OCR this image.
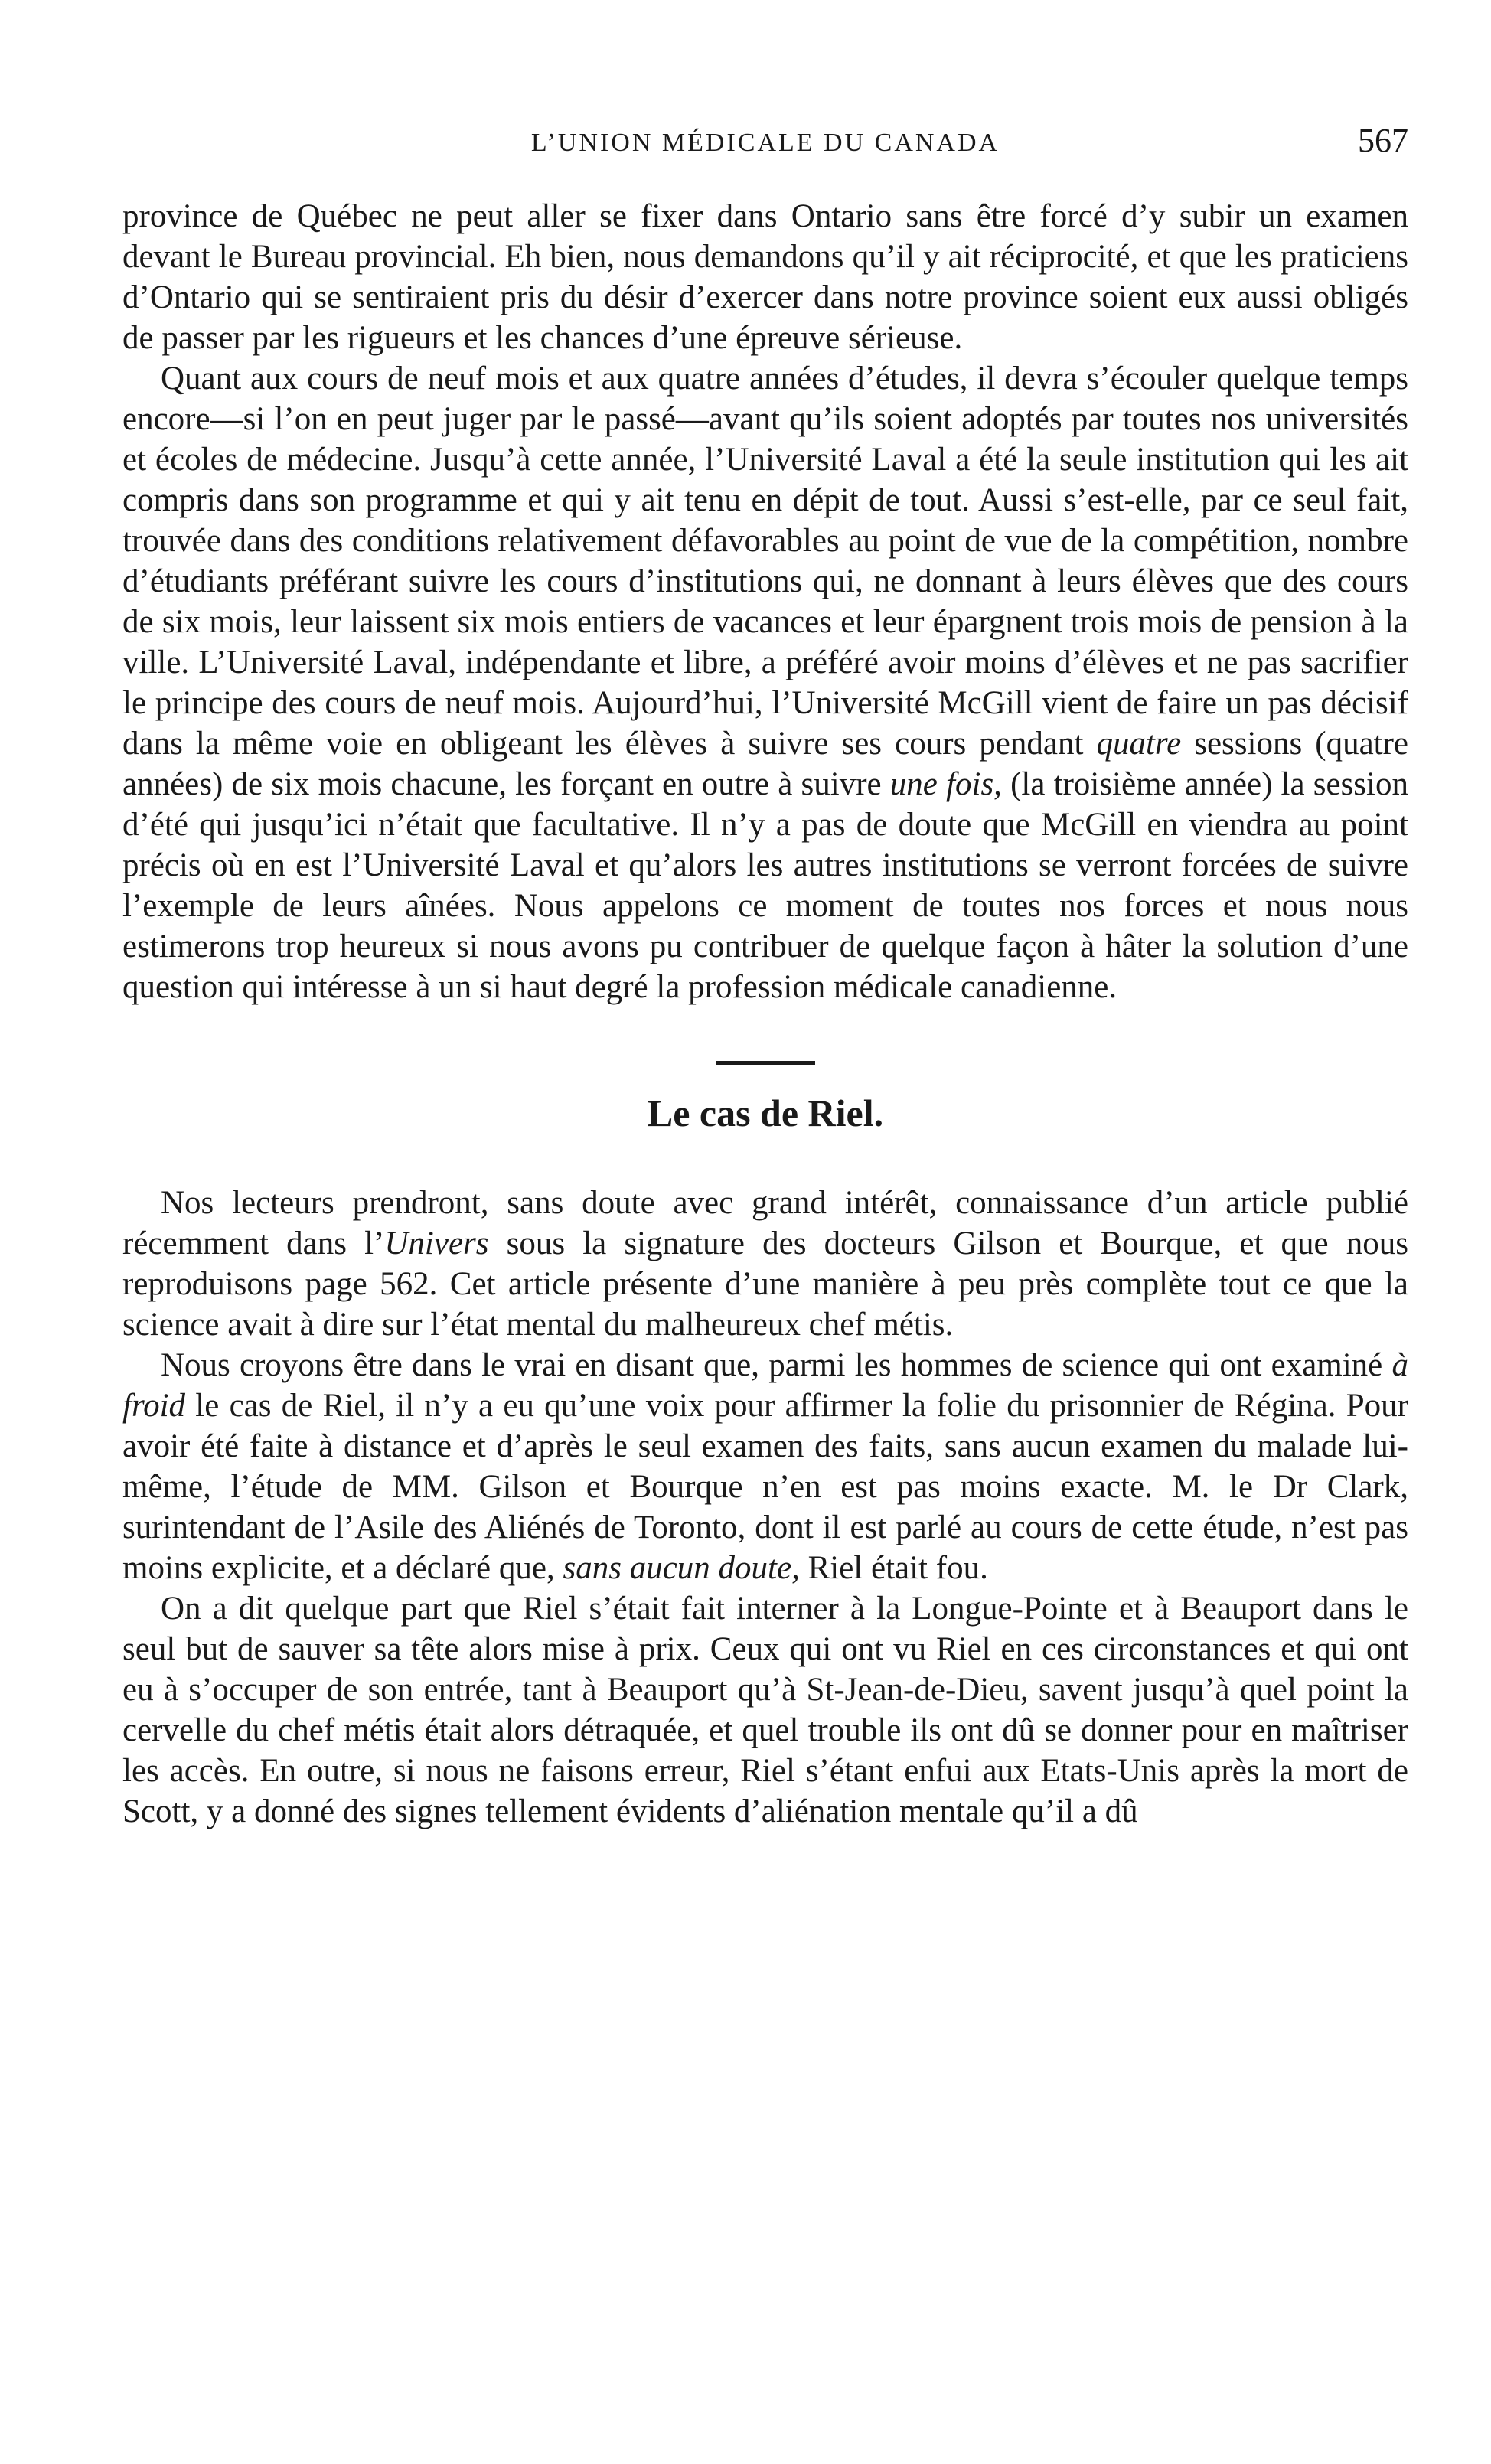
L’UNION MÉDICALE DU CANADA	567

province de Québec ne peut aller se fixer dans Ontario sans être forcé d’y subir un examen devant le Bureau provincial. Eh bien, nous demandons qu’il y ait réciprocité, et que les praticiens d’Ontario qui se sentiraient pris du désir d’exercer dans notre province soient eux aussi obligés de passer par les rigueurs et les chances d’une épreuve sérieuse.

Quant aux cours de neuf mois et aux quatre années d’études, il devra s’écouler quelque temps encore—si l’on en peut juger par le passé—avant qu’ils soient adoptés par toutes nos universités et écoles de médecine. Jusqu’à cette année, l’Université Laval a été la seule institution qui les ait compris dans son programme et qui y ait tenu en dépit de tout. Aussi s’est-elle, par ce seul fait, trouvée dans des conditions relativement défavorables au point de vue de la compétition, nombre d’étudiants préférant suivre les cours d’institutions qui, ne donnant à leurs élèves que des cours de six mois, leur laissent six mois entiers de vacances et leur épargnent trois mois de pension à la ville. L’Université Laval, indépendante et libre, a préféré avoir moins d’élèves et ne pas sacrifier le principe des cours de neuf mois. Aujourd’hui, l’Université McGill vient de faire un pas décisif dans la même voie en obligeant les élèves à suivre ses cours pendant quatre sessions (quatre années) de six mois chacune, les forçant en outre à suivre une fois, (la troisième année) la session d’été qui jusqu’ici n’était que facultative. Il n’y a pas de doute que McGill en viendra au point précis où en est l’Université Laval et qu’alors les autres institutions se verront forcées de suivre l’exemple de leurs aînées. Nous appelons ce moment de toutes nos forces et nous nous estimerons trop heureux si nous avons pu contribuer de quelque façon à hâter la solution d’une question qui intéresse à un si haut degré la profession médicale canadienne.

Le cas de Riel.

Nos lecteurs prendront, sans doute avec grand intérêt, connaissance d’un article publié récemment dans l’Univers sous la signature des docteurs Gilson et Bourque, et que nous reproduisons page 562. Cet article présente d’une manière à peu près complète tout ce que la science avait à dire sur l’état mental du malheureux chef métis.

Nous croyons être dans le vrai en disant que, parmi les hommes de science qui ont examiné à froid le cas de Riel, il n’y a eu qu’une voix pour affirmer la folie du prisonnier de Régina. Pour avoir été faite à distance et d’après le seul examen des faits, sans aucun examen du malade lui-même, l’étude de MM. Gilson et Bourque n’en est pas moins exacte. M. le Dr Clark, surintendant de l’Asile des Aliénés de Toronto, dont il est parlé au cours de cette étude, n’est pas moins explicite, et a déclaré que, sans aucun doute, Riel était fou.

On a dit quelque part que Riel s’était fait interner à la Longue-Pointe et à Beauport dans le seul but de sauver sa tête alors mise à prix. Ceux qui ont vu Riel en ces circonstances et qui ont eu à s’occuper de son entrée, tant à Beauport qu’à St-Jean-de-Dieu, savent jusqu’à quel point la cervelle du chef métis était alors détraquée, et quel trouble ils ont dû se donner pour en maîtriser les accès. En outre, si nous ne faisons erreur, Riel s’étant enfui aux Etats-Unis après la mort de Scott, y a donné des signes tellement évidents d’aliénation mentale qu’il a dû
